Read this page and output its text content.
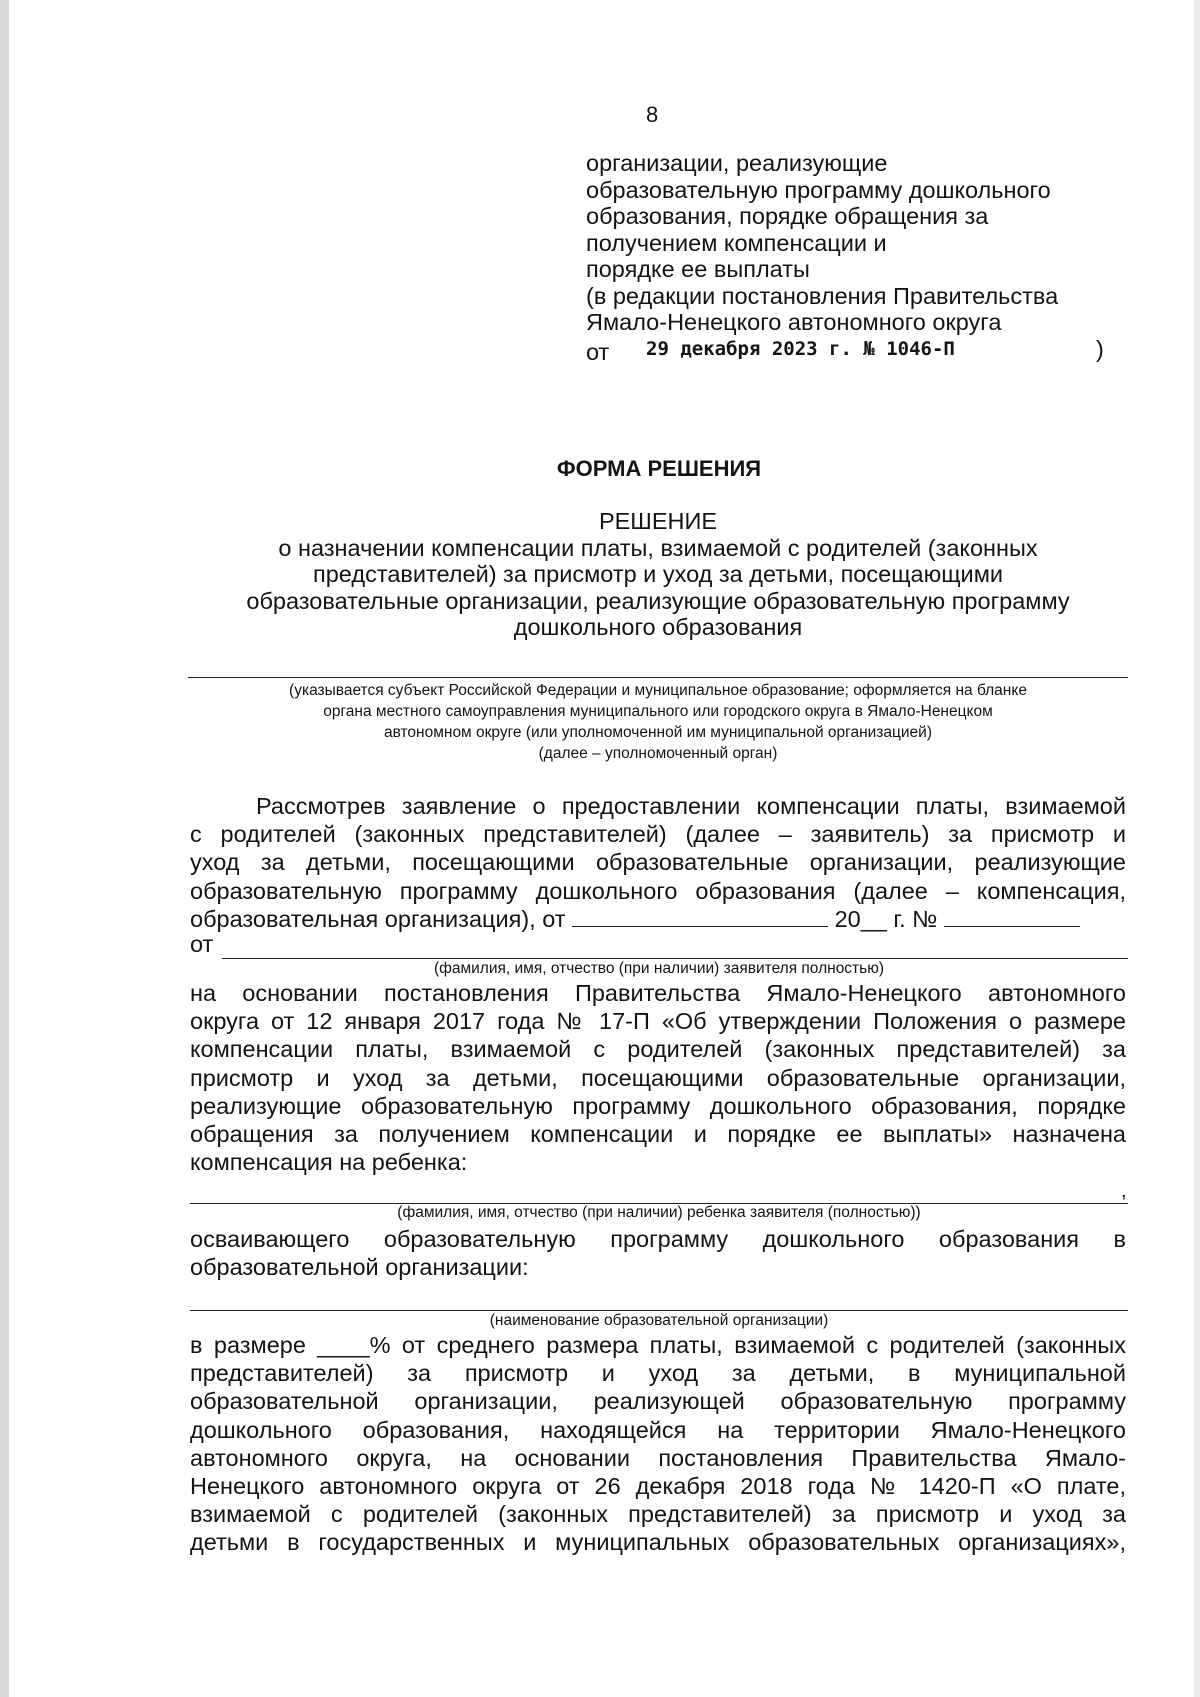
8
организации, реализующие
образовательную программу дошкольного
образования, порядке обращения за
получением компенсации и
порядке ее выплаты
(в редакции постановления Правительства
Ямало-Ненецкого автономного округа
от 29 декабря 2023 г. № 1046-П	)
ФОРМА РЕШЕНИЯ
РЕШЕНИЕ
о назначении компенсации платы, взимаемой с родителей (законных
представителей) за присмотр и уход за детьми, посещающими
образовательные организации, реализующие образовательную программу
дошкольного образования
(указывается субъект Российской Федерации и муниципальное образование; оформляется на бланке
органа местного самоуправления муниципального или городского округа в Ямало-Ненецком
автономном округе (или уполномоченной им муниципальной организацией)
(далее – уполномоченный орган)
Рассмотрев заявление о предоставлении компенсации платы, взимаемой
с родителей (законных представителей) (далее – заявитель) за присмотр и
уход за детьми, посещающими образовательные организации, реализующие
образовательную программу дошкольного образования (далее – компенсация,
образовательная организация), от	20__ г. №
от
(фамилия, имя, отчество (при наличии) заявителя полностью)
на основании постановления Правительства Ямало-Ненецкого автономного
округа от 12 января 2017 года № 17-П «Об утверждении Положения о размере
компенсации платы, взимаемой с родителей (законных представителей) за
присмотр и уход за детьми, посещающими образовательные организации,
реализующие образовательную программу дошкольного образования, порядке
обращения за получением компенсации и порядке ее выплаты» назначена
компенсация на ребенка:
,
(фамилия, имя, отчество (при наличии) ребенка заявителя (полностью))
осваивающего образовательную программу дошкольного образования в
образовательной организации:
(наименование образовательной организации)
в размере ____% от среднего размера платы, взимаемой с родителей (законных
представителей) за присмотр и уход за детьми, в муниципальной
образовательной организации, реализующей образовательную программу
дошкольного образования, находящейся на территории Ямало-Ненецкого
автономного округа, на основании постановления Правительства Ямало-
Ненецкого автономного округа от 26 декабря 2018 года № 1420-П «О плате,
взимаемой с родителей (законных представителей) за присмотр и уход за
детьми в государственных и муниципальных образовательных организациях»,
